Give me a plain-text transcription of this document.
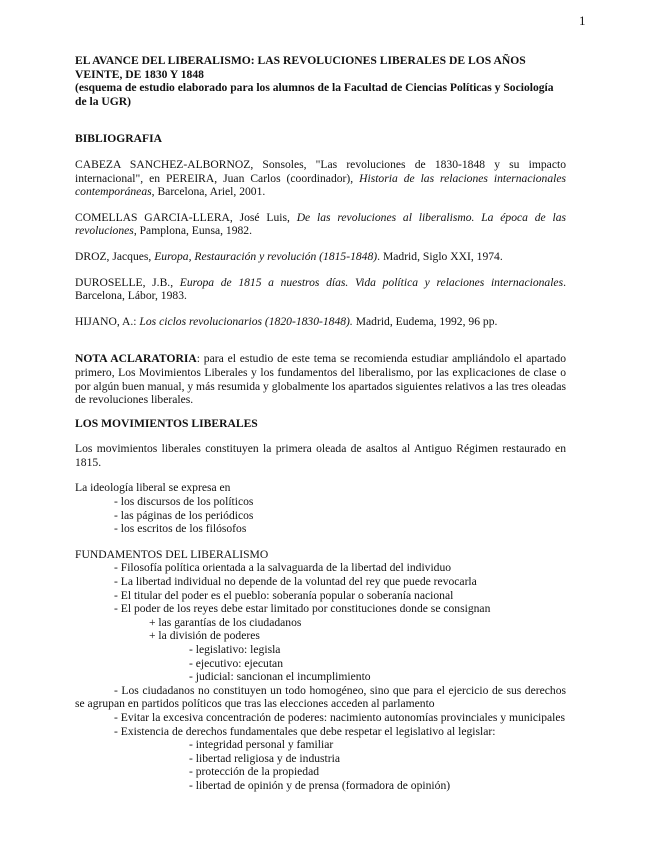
1

EL AVANCE DEL LIBERALISMO: LAS REVOLUCIONES LIBERALES DE LOS AÑOS VEINTE, DE 1830 Y 1848

(esquema de estudio elaborado para los alumnos de la Facultad de Ciencias Políticas y Sociología de la UGR)

BIBLIOGRAFIA

CABEZA SANCHEZ-ALBORNOZ, Sonsoles, "Las revoluciones de 1830-1848 y su impacto internacional", en PEREIRA, Juan Carlos (coordinador), Historia de las relaciones internacionales contemporáneas, Barcelona, Ariel, 2001.

COMELLAS GARCIA-LLERA, José Luis, De las revoluciones al liberalismo. La época de las revoluciones, Pamplona, Eunsa, 1982.

DROZ, Jacques, Europa, Restauración y revolución (1815-1848). Madrid, Siglo XXI, 1974.

DUROSELLE, J.B., Europa de 1815 a nuestros días. Vida política y relaciones internacionales. Barcelona, Lábor, 1983.

HIJANO, A.: Los ciclos revolucionarios (1820-1830-1848). Madrid, Eudema, 1992, 96 pp.

NOTA ACLARATORIA: para el estudio de este tema se recomienda estudiar ampliándolo el apartado primero, Los Movimientos Liberales y los fundamentos del liberalismo, por las explicaciones de clase o por algún buen manual, y más resumida y globalmente los apartados siguientes relativos a las tres oleadas de revoluciones liberales.

LOS MOVIMIENTOS LIBERALES

Los movimientos liberales constituyen la primera oleada de asaltos al Antiguo Régimen restaurado en 1815.

La ideología liberal se expresa en

- los discursos de los políticos
- las páginas de los periódicos
- los escritos de los filósofos

FUNDAMENTOS DEL LIBERALISMO

- Filosofía política orientada a la salvaguarda de la libertad del individuo
- La libertad individual no depende de la voluntad del rey que puede revocarla
- El titular del poder es el pueblo: soberanía popular o soberanía nacional
- El poder de los reyes debe estar limitado por constituciones donde se consignan
+ las garantías de los ciudadanos
+ la división de poderes
- legislativo: legisla
- ejecutivo: ejecutan
- judicial: sancionan el incumplimiento

- Los ciudadanos no constituyen un todo homogéneo, sino que para el ejercicio de sus derechos se agrupan en partidos políticos que tras las elecciones acceden al parlamento

- Evitar la excesiva concentración de poderes: nacimiento autonomías provinciales y municipales

- Existencia de derechos fundamentales que debe respetar el legislativo al legislar:

- integridad personal y familiar
- libertad religiosa y de industria
- protección de la propiedad
- libertad de opinión y de prensa (formadora de opinión)
